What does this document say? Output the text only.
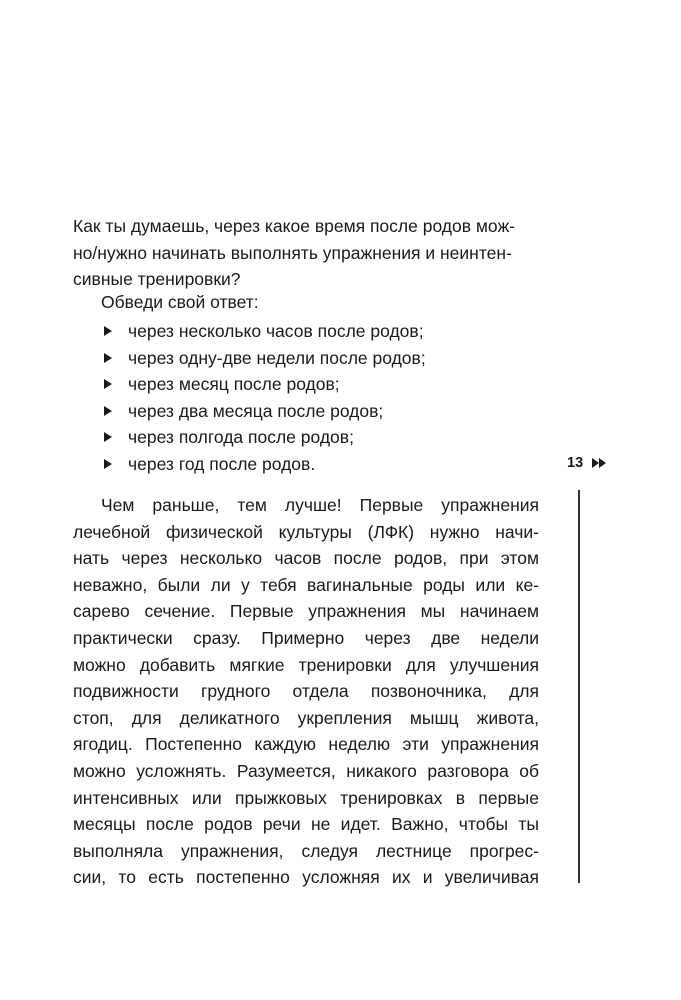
Как ты думаешь, через какое время после родов мож-
но/нужно начинать выполнять упражнения и неинтен-
сивные тренировки?

Обведи свой ответ:
через несколько часов после родов;
через одну-две недели после родов;
через месяц после родов;
через два месяца после родов;
через полгода после родов;
через год после родов.	13

Чем раньше, тем лучше! Первые упражнения
лечебной физической культуры (ЛФК) нужно начи-
нать через несколько часов после родов, при этом
неважно, были ли у тебя вагинальные роды или ке-
сарево сечение. Первые упражнения мы начинаем
практически сразу. Примерно через две недели
можно добавить мягкие тренировки для улучшения
подвижности грудного отдела позвоночника, для
стоп, для деликатного укрепления мышц живота,
ягодиц. Постепенно каждую неделю эти упражнения
можно усложнять. Разумеется, никакого разговора об
интенсивных или прыжковых тренировках в первые
месяцы после родов речи не идет. Важно, чтобы ты
выполняла упражнения, следуя лестнице прогрес-
сии, то есть постепенно усложняя их и увеличивая
